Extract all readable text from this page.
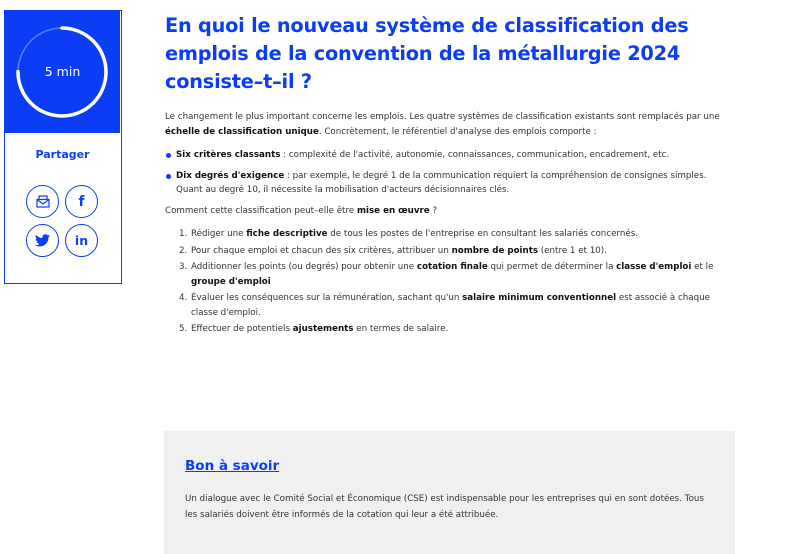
5 min
Partager
f
in
En quoi le nouveau système de classification des emplois de la convention de la métallurgie 2024 consiste–t–il ?

Le changement le plus important concerne les emplois. Les quatre systèmes de classification existants sont remplacés par une échelle de classification unique. Concrètement, le référentiel d'analyse des emplois comporte :

Six critères classants : complexité de l'activité, autonomie, connaissances, communication, encadrement, etc.
Dix degrés d'exigence : par exemple, le degré 1 de la communication requiert la compréhension de consignes simples. Quant au degré 10, il nécessite la mobilisation d'acteurs décisionnaires clés.

Comment cette classification peut–elle être mise en œuvre ?

1. Rédiger une fiche descriptive de tous les postes de l'entreprise en consultant les salariés concernés.
2. Pour chaque emploi et chacun des six critères, attribuer un nombre de points (entre 1 et 10).
3. Additionner les points (ou degrés) pour obtenir une cotation finale qui permet de déterminer la classe d'emploi et le groupe d'emploi
4. Évaluer les conséquences sur la rémunération, sachant qu'un salaire minimum conventionnel est associé à chaque classe d'emploi.
5. Effectuer de potentiels ajustements en termes de salaire.
Bon à savoir

Un dialogue avec le Comité Social et Économique (CSE) est indispensable pour les entreprises qui en sont dotées. Tous les salariés doivent être informés de la cotation qui leur a été attribuée.
